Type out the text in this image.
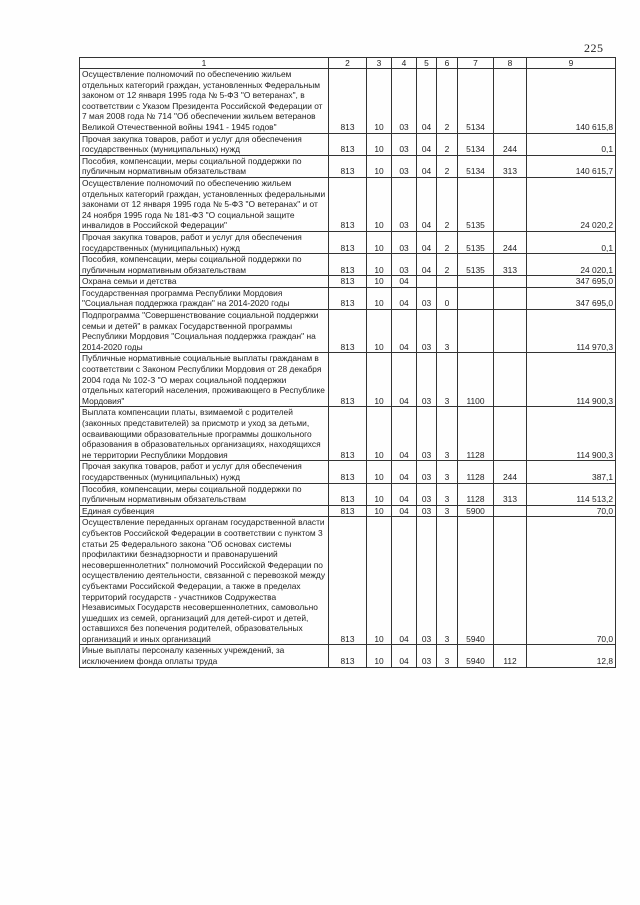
225
1	2	3	4	5	6	7	8	9
Осуществление полномочий по обеспечению жильем отдельных категорий граждан, установленных Федеральным законом от 12 января 1995 года № 5-ФЗ "О ветеранах", в соответствии с Указом Президента Российской Федерации от 7 мая 2008 года № 714 "Об обеспечении жильем ветеранов Великой Отечественной войны 1941 - 1945 годов"	813	10	03	04	2	5134		140 615,8
Прочая закупка товаров, работ и услуг для обеспечения государственных (муниципальных) нужд	813	10	03	04	2	5134	244	0,1
Пособия, компенсации, меры социальной поддержки по публичным нормативным обязательствам	813	10	03	04	2	5134	313	140 615,7
Осуществление полномочий по обеспечению жильем отдельных категорий граждан, установленных федеральными законами от 12 января 1995 года № 5-ФЗ "О ветеранах" и от 24 ноября 1995 года № 181-ФЗ "О социальной защите инвалидов в Российской Федерации"	813	10	03	04	2	5135		24 020,2
Прочая закупка товаров, работ и услуг для обеспечения государственных (муниципальных) нужд	813	10	03	04	2	5135	244	0,1
Пособия, компенсации, меры социальной поддержки по публичным нормативным обязательствам	813	10	03	04	2	5135	313	24 020,1
Охрана семьи и детства	813	10	04					347 695,0
Государственная программа Республики Мордовия "Социальная поддержка граждан" на 2014-2020 годы	813	10	04	03	0			347 695,0
Подпрограмма "Совершенствование социальной поддержки семьи и детей" в рамках Государственной программы Республики Мордовия "Социальная поддержка граждан" на 2014-2020 годы	813	10	04	03	3			114 970,3
Публичные нормативные социальные выплаты гражданам в соответствии с Законом Республики Мордовия от 28 декабря 2004 года № 102-З "О мерах социальной поддержки отдельных категорий населения, проживающего в Республике Мордовия"	813	10	04	03	3	1100		114 900,3
Выплата компенсации платы, взимаемой с родителей (законных представителей) за присмотр и уход за детьми, осваивающими образовательные программы дошкольного образования в образовательных организациях, находящихся не территории Республики Мордовия	813	10	04	03	3	1128		114 900,3
Прочая закупка товаров, работ и услуг для обеспечения государственных (муниципальных) нужд	813	10	04	03	3	1128	244	387,1
Пособия, компенсации, меры социальной поддержки по публичным нормативным обязательствам	813	10	04	03	3	1128	313	114 513,2
Единая субвенция	813	10	04	03	3	5900		70,0
Осуществление переданных органам государственной власти субъектов Российской Федерации в соответствии с пунктом 3 статьи 25 Федерального закона "Об основах системы профилактики безнадзорности и правонарушений несовершеннолетних" полномочий Российской Федерации по осуществлению деятельности, связанной с перевозкой между субъектами Российской Федерации, а также в пределах территорий государств - участников Содружества Независимых Государств несовершеннолетних, самовольно ушедших из семей, организаций для детей-сирот и детей, оставшихся без попечения родителей, образовательных организаций и иных организаций	813	10	04	03	3	5940		70,0
Иные выплаты персоналу казенных учреждений, за исключением фонда оплаты труда	813	10	04	03	3	5940	112	12,8
